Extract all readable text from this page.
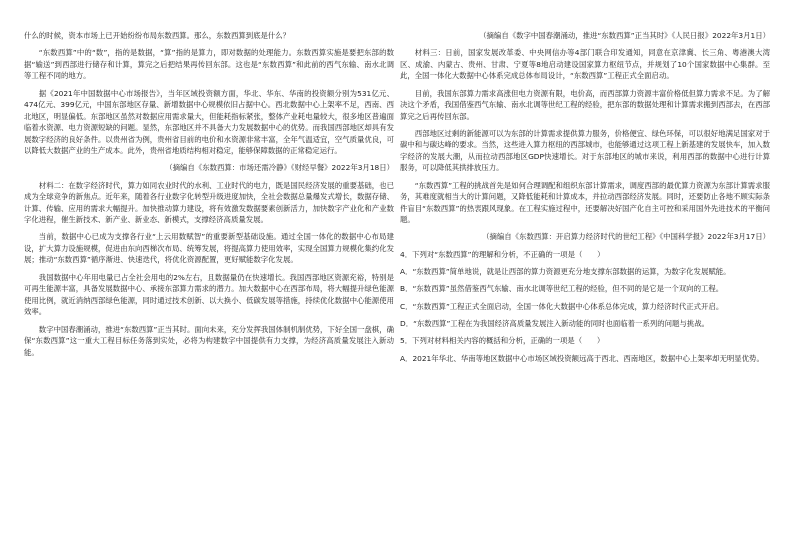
什么的时候，资本市场上已开始纷纷布局东数西算。那么，东数西算到底是什么？

“东数西算”中的“数”，指的是数据，“算”指的是算力，即对数据的处理能力。东数西算实施是要把东部的数据“输送”到西部进行储存和计算，算完之后把结果再传回东部。这也是“东数西算”和此前的西气东输、南水北调等工程不同的地方。

据《2021年中国数据中心市场报告》，当年区域投资额方面，华北、华东、华南的投资额分别为531亿元、474亿元、399亿元，中国东部地区存量、新增数据中心规模依旧占据中心。西北数据中心上架率不足，西南、西北地区，明显偏低。东部地区虽然对数据应用需求量大，但能耗指标紧张，整体产业耗电量较大，很多地区普遍面临着水资源、电力资源短缺的问题。显然，东部地区并不具备大力发展数据中心的优势。而我国西部地区却具有发展数字经济的良好条件。以贵州省为例，贵州省目前的电价和水资源非常丰富，全年气温适宜，空气质量优良，可以降低大数据产业的生产成本。此外，贵州省地质结构相对稳定，能够保障数据的正常稳定运行。

（摘编自《东数西算：市场还需冷静》《财经早餐》2022年3月18日）

材料二：在数字经济时代，算力如同农业时代的水利、工业时代的电力，既是国民经济发展的重要基础，也已成为全球竞争的新焦点。近年来，随着各行业数字化转型升级进度加快，全社会数据总量爆发式增长，数据存储、计算、传输、应用的需求大幅提升。加快推动算力建设，将有效激发数据要素创新活力，加快数字产业化和产业数字化进程，催生新技术、新产业、新业态、新模式，支撑经济高质量发展。

当前，数据中心已成为支撑各行业“上云用数赋智”的重要新型基础设施。通过全国一体化的数据中心布局建设，扩大算力设施规模，促进由东向西梯次布局、统筹发展，将提高算力使用效率，实现全国算力规模化集约化发展；推动“东数西算”循序渐进、快速迭代，将优化资源配置，更好赋能数字化发展。

我国数据中心年用电量已占全社会用电的2%左右，且数据量仍在快速增长。我国西部地区资源充裕，特别是可再生能源丰富，具备发展数据中心、承接东部算力需求的潜力。加大数据中心在西部布局，将大幅提升绿色能源使用比例，就近消纳西部绿色能源，同时通过技术创新、以大换小、低碳发展等措施，持续优化数据中心能源使用效率。

数字中国春潮涌动，推进“东数西算”正当其时。面向未来，充分发挥我国体制机制优势，下好全国一盘棋，确保“东数西算”这一重大工程目标任务落到实处，必将为构建数字中国提供有力支撑，为经济高质量发展注入新动能。

（摘编自《数字中国春潮涌动，推进“东数西算”正当其时》《人民日报》2022年3月1日）

材料三：日前，国家发展改革委、中央网信办等4部门联合印发通知，同意在京津冀、长三角、粤港澳大湾区、成渝、内蒙古、贵州、甘肃、宁夏等8地启动建设国家算力枢纽节点，并规划了10个国家数据中心集群。至此，全国一体化大数据中心体系完成总体布局设计，“东数西算”工程正式全面启动。

目前，我国东部算力需求高涨但电力资源有限，电价高，而西部算力资源丰富价格低但算力需求不足。为了解决这个矛盾，我国借鉴西气东输、南水北调等世纪工程的经验，把东部的数据处理和计算需求搬到西部去，在西部算完之后再传回东部。

西部地区过剩的新能源可以为东部的计算需求提供算力服务，价格便宜、绿色环保，可以很好地满足国家对于碳中和与碳达峰的要求。当然，这些进入算力枢纽的西部城市，也能够通过这项工程上新基建的发展快车，加入数字经济的发展大潮，从而拉动西部地区GDP快速增长。对于东部地区的城市来说，利用西部的数据中心进行计算服务，可以降低其拱排放压力。

“东数西算”工程的挑战首先是如何合理调配和组织东部计算需求，调度西部的最优算力资源为东部计算需求服务，其难度就相当大的计算问题，又降低能耗和计算成本，并拉动西部经济发展。同时，还要防止各地不顾实际条件盲目“东数西算”的热衷跟风现象。在工程实施过程中，还要解决好国产化自主可控和采用国外先进技术的平衡问题。

（摘编自《东数西算：开启算力经济时代的世纪工程》《中国科学报》2022年3月17日）

4．下列对“东数西算”的理解和分析，不正确的一项是（　　）

A．“东数西算”简单地说，就是让西部的算力资源更充分地支撑东部数据的运算，为数字化发展赋能。

B．“东数西算”虽然借鉴西气东输、南水北调等世纪工程的经验，但不同的是它是一个双向的工程。

C．“东数西算”工程正式全面启动，全国一体化大数据中心体系总体完成，算力经济时代正式开启。

D．“东数西算”工程在为我国经济高质量发展注入新动能的同时也面临着一系列的问题与挑战。

5．下列对材料相关内容的概括和分析，正确的一项是（　　）

A．2021年华北、华南等地区数据中心市场区域投资额远高于西北、西南地区，数据中心上架率却无明显优势。
